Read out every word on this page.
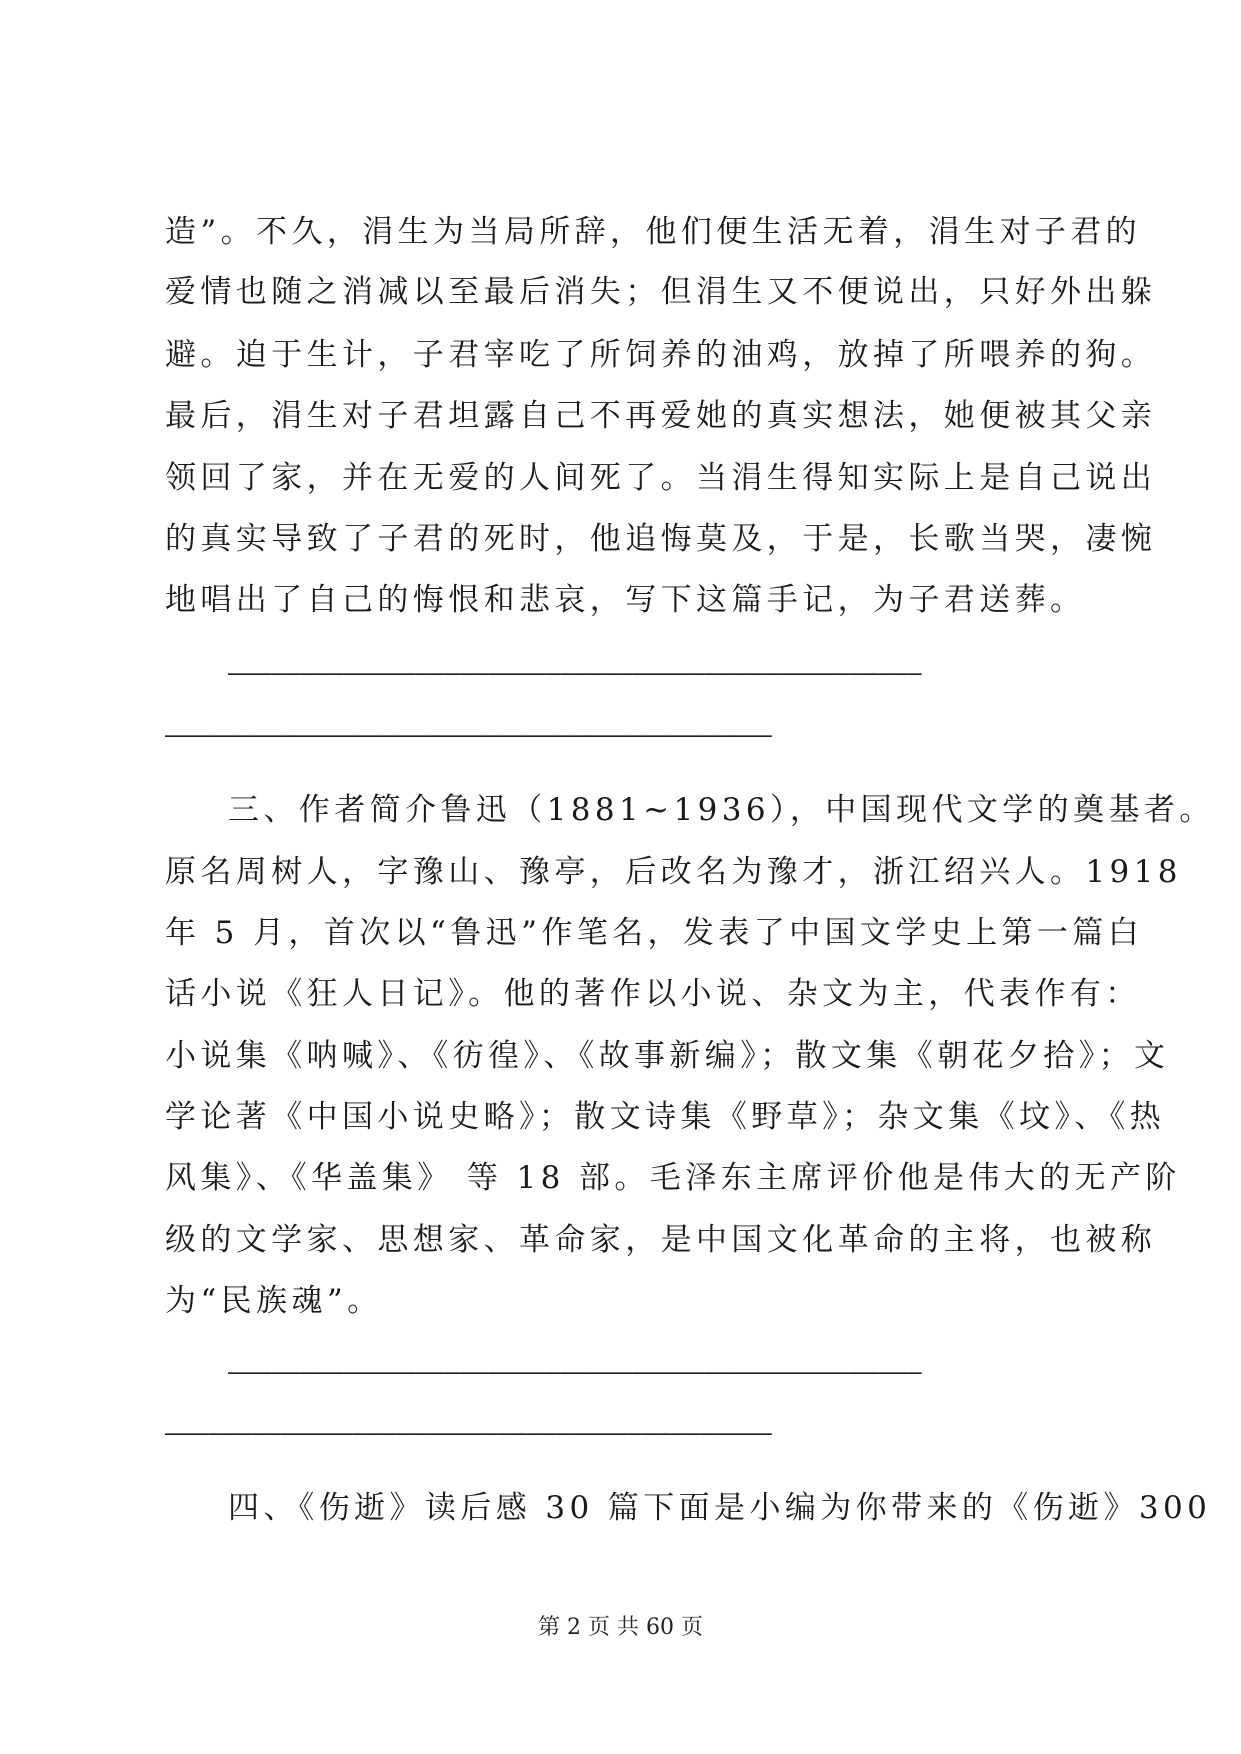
造”。不久，涓生为当局所辞，他们便生活无着，涓生对子君的
爱情也随之消减以至最后消失；但涓生又不便说出，只好外出躲
避。迫于生计，子君宰吃了所饲养的油鸡，放掉了所喂养的狗。
最后，涓生对子君坦露自己不再爱她的真实想法，她便被其父亲
领回了家，并在无爱的人间死了。当涓生得知实际上是自己说出
的真实导致了子君的死时，他追悔莫及，于是，长歌当哭，凄惋
地唱出了自己的悔恨和悲哀，写下这篇手记，为子君送葬。
————————————————————————————————————————————————
——————————————————————————————————————————
三、作者简介鲁迅（1881~1936），中国现代文学的奠基者。
原名周树人，字豫山、豫亭，后改名为豫才，浙江绍兴人。1918
年 5 月，首次以“鲁迅”作笔名，发表了中国文学史上第一篇白
话小说《狂人日记》。他的著作以小说、杂文为主，代表作有：
小说集《呐喊》、《彷徨》、《故事新编》；散文集《朝花夕拾》；文
学论著《中国小说史略》；散文诗集《野草》；杂文集《坟》、《热
风集》、《华盖集》 等 18 部。毛泽东主席评价他是伟大的无产阶
级的文学家、思想家、革命家，是中国文化革命的主将，也被称
为“民族魂”。
————————————————————————————————————————————————
——————————————————————————————————————————
四、《伤逝》读后感 30 篇下面是小编为你带来的《伤逝》300
第 2 页 共 60 页
